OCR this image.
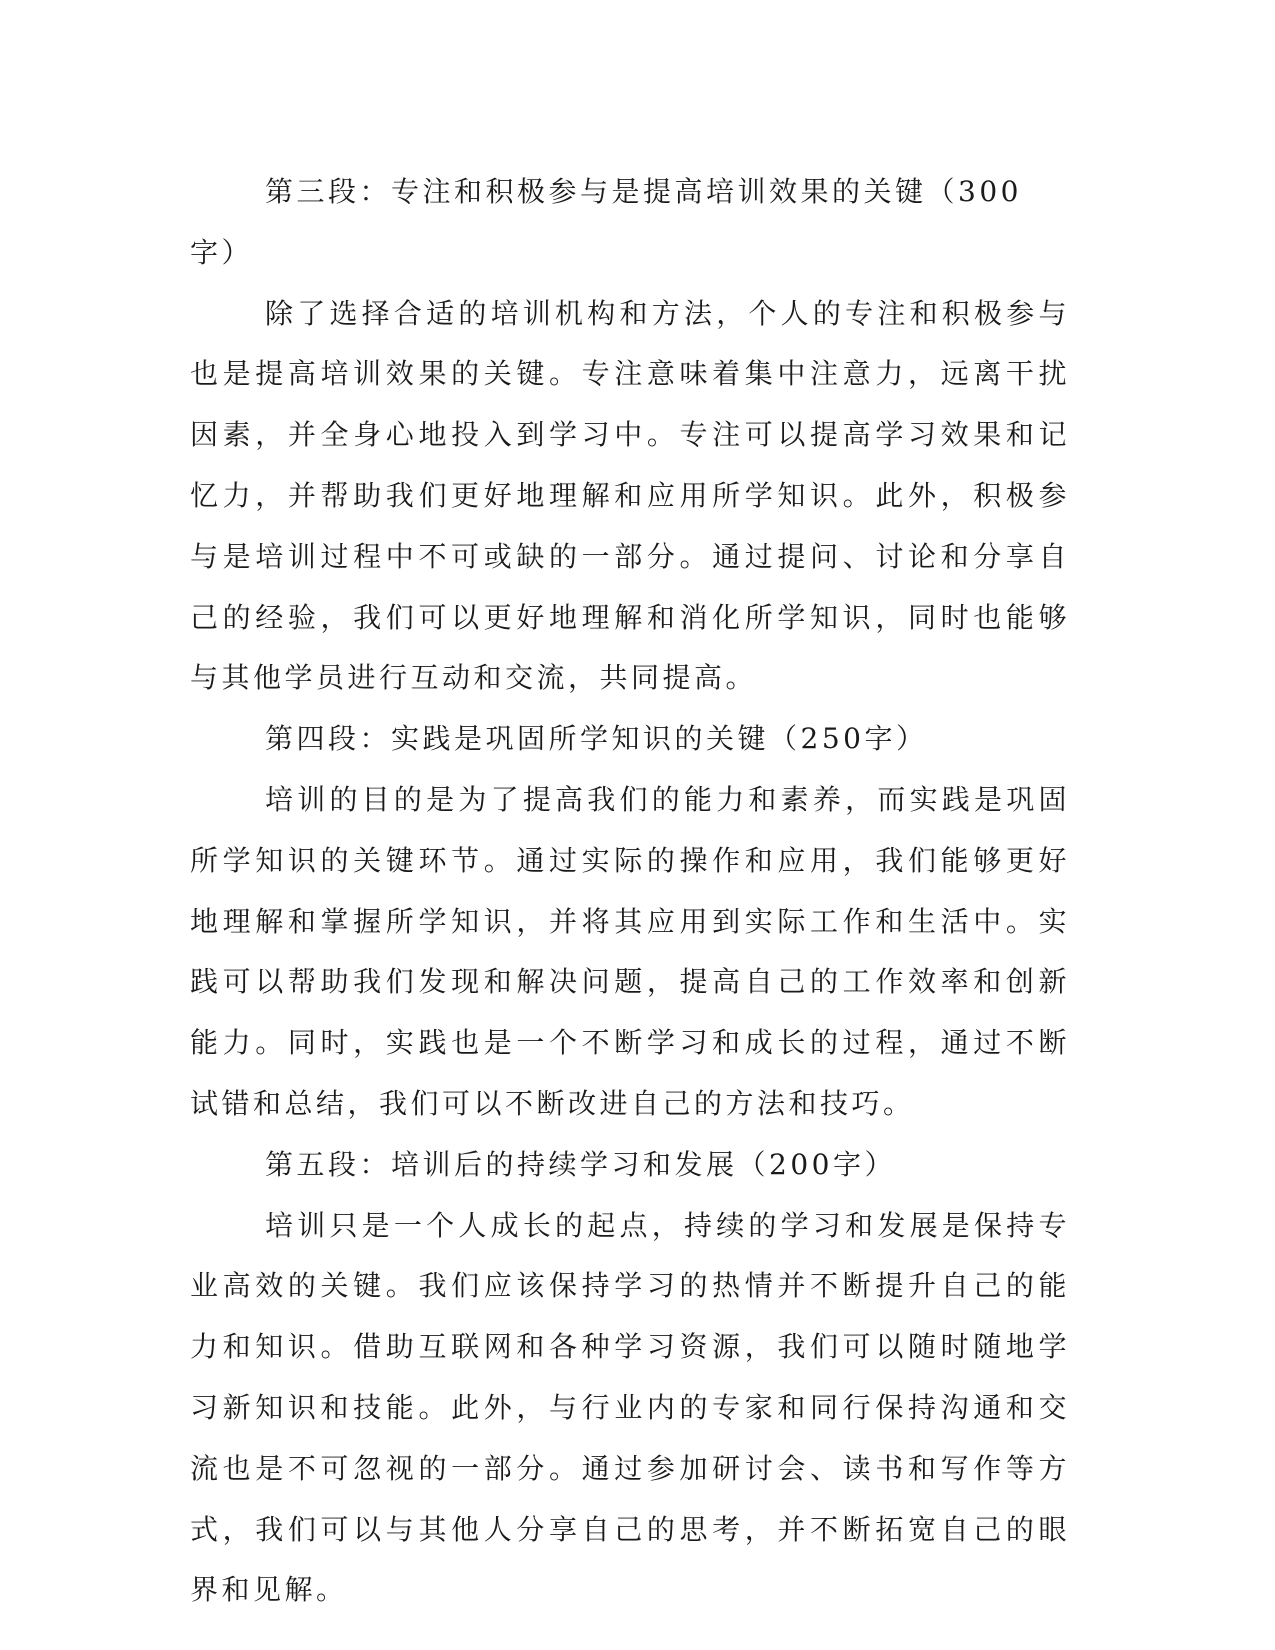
第三段：专注和积极参与是提高培训效果的关键（300字）

除了选择合适的培训机构和方法，个人的专注和积极参与也是提高培训效果的关键。专注意味着集中注意力，远离干扰因素，并全身心地投入到学习中。专注可以提高学习效果和记忆力，并帮助我们更好地理解和应用所学知识。此外，积极参与是培训过程中不可或缺的一部分。通过提问、讨论和分享自己的经验，我们可以更好地理解和消化所学知识，同时也能够与其他学员进行互动和交流，共同提高。

第四段：实践是巩固所学知识的关键（250字）

培训的目的是为了提高我们的能力和素养，而实践是巩固所学知识的关键环节。通过实际的操作和应用，我们能够更好地理解和掌握所学知识，并将其应用到实际工作和生活中。实践可以帮助我们发现和解决问题，提高自己的工作效率和创新能力。同时，实践也是一个不断学习和成长的过程，通过不断试错和总结，我们可以不断改进自己的方法和技巧。

第五段：培训后的持续学习和发展（200字）

培训只是一个人成长的起点，持续的学习和发展是保持专业高效的关键。我们应该保持学习的热情并不断提升自己的能力和知识。借助互联网和各种学习资源，我们可以随时随地学习新知识和技能。此外，与行业内的专家和同行保持沟通和交流也是不可忽视的一部分。通过参加研讨会、读书和写作等方式，我们可以与其他人分享自己的思考，并不断拓宽自己的眼界和见解。
